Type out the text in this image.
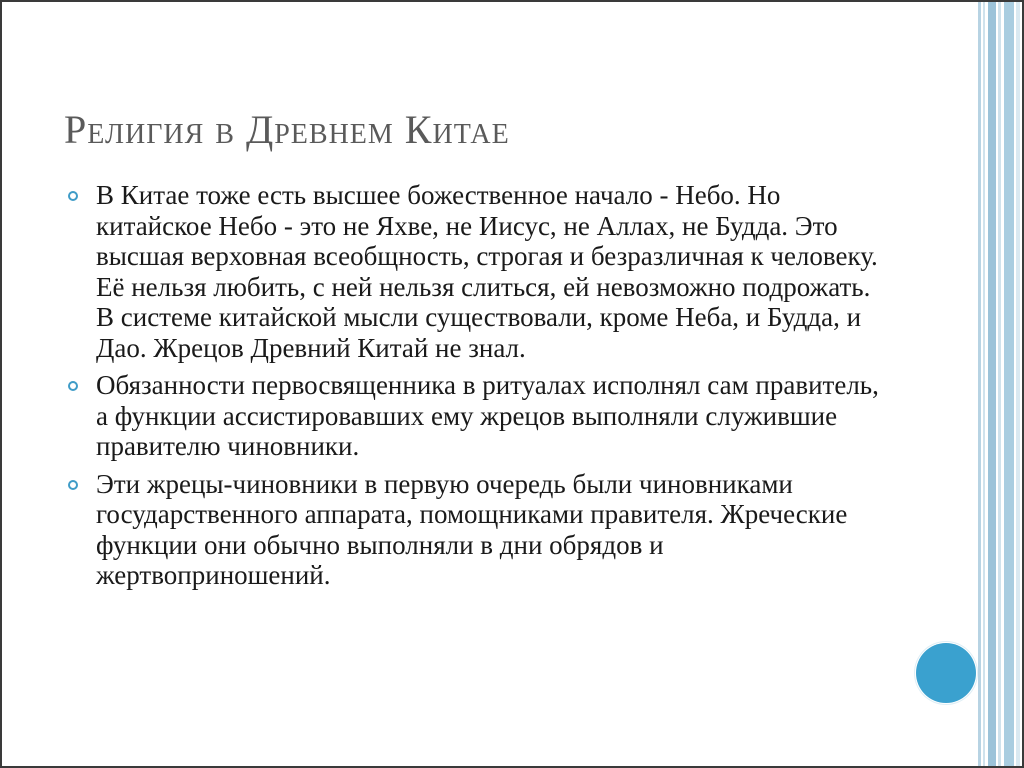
Религия в Древнем Китае
В Китае тоже есть высшее божественное начало - Небо. Но китайское Небо - это не Яхве, не Иисус, не Аллах, не Будда. Это высшая верховная всеобщность, строгая и безразличная к человеку. Её нельзя любить, с ней нельзя слиться, ей невозможно подрожать. В системе китайской мысли существовали, кроме Неба, и Будда, и Дао. Жрецов Древний Китай не знал.
Обязанности первосвященника в ритуалах исполнял сам правитель, а функции ассистировавших ему жрецов выполняли служившие правителю чиновники.
Эти жрецы-чиновники в первую очередь были чиновниками государственного аппарата, помощниками правителя. Жреческие функции они обычно выполняли в дни обрядов и жертвоприношений.
